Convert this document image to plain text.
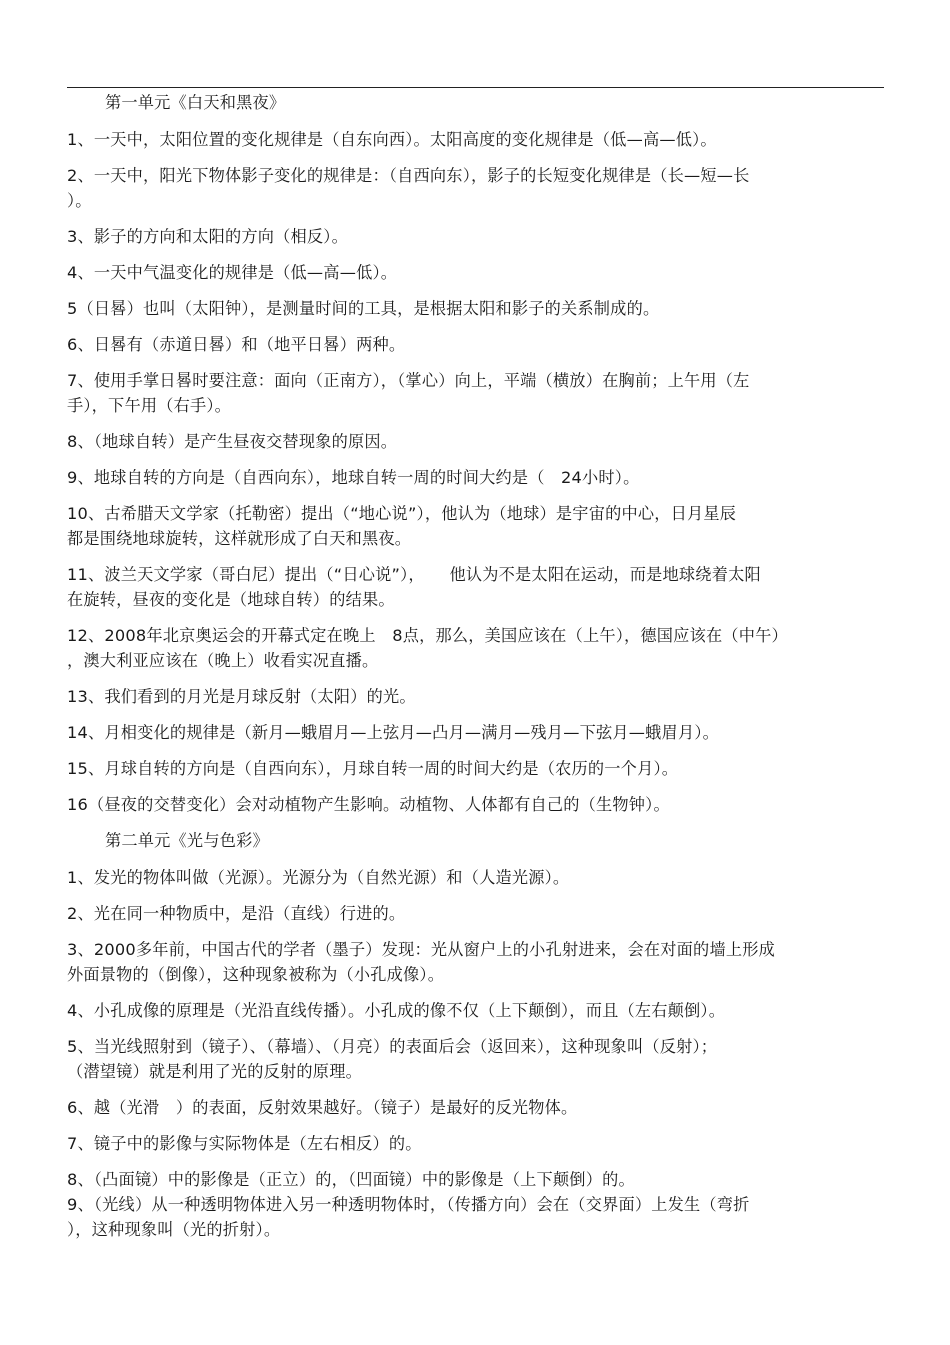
第一单元《白天和黑夜》
1、一天中，太阳位置的变化规律是（自东向西）。太阳高度的变化规律是（低—高—低）。
2、一天中，阳光下物体影子变化的规律是：（自西向东），影子的长短变化规律是（长—短—长
）。
3、影子的方向和太阳的方向（相反）。
4、一天中气温变化的规律是（低—高—低）。
5（日晷）也叫（太阳钟），是测量时间的工具，是根据太阳和影子的关系制成的。
6、日晷有（赤道日晷）和（地平日晷）两种。
7、使用手掌日晷时要注意：面向（正南方），（掌心）向上，平端（横放）在胸前；上午用（左
手），下午用（右手）。
8、（地球自转）是产生昼夜交替现象的原因。
9、地球自转的方向是（自西向东），地球自转一周的时间大约是（　24小时）。
10、古希腊天文学家（托勒密）提出（“地心说”），他认为（地球）是宇宙的中心，日月星辰
都是围绕地球旋转，这样就形成了白天和黑夜。
11、波兰天文学家（哥白尼）提出（“日心说”），　　他认为不是太阳在运动，而是地球绕着太阳
在旋转，昼夜的变化是（地球自转）的结果。
12、2008年北京奥运会的开幕式定在晚上　8点，那么，美国应该在（上午），德国应该在（中午）
，澳大利亚应该在（晚上）收看实况直播。
13、我们看到的月光是月球反射（太阳）的光。
14、月相变化的规律是（新月—蛾眉月—上弦月—凸月—满月—残月—下弦月—蛾眉月）。
15、月球自转的方向是（自西向东），月球自转一周的时间大约是（农历的一个月）。
16（昼夜的交替变化）会对动植物产生影响。动植物、人体都有自己的（生物钟）。
第二单元《光与色彩》
1、发光的物体叫做（光源）。光源分为（自然光源）和（人造光源）。
2、光在同一种物质中，是沿（直线）行进的。
3、2000多年前，中国古代的学者（墨子）发现：光从窗户上的小孔射进来，会在对面的墙上形成
外面景物的（倒像），这种现象被称为（小孔成像）。
4、小孔成像的原理是（光沿直线传播）。小孔成的像不仅（上下颠倒），而且（左右颠倒）。
5、当光线照射到（镜子）、（幕墙）、（月亮）的表面后会（返回来），这种现象叫（反射）；
（潜望镜）就是利用了光的反射的原理。
6、越（光滑　）的表面，反射效果越好。（镜子）是最好的反光物体。
7、镜子中的影像与实际物体是（左右相反）的。
8、（凸面镜）中的影像是（正立）的，（凹面镜）中的影像是（上下颠倒）的。
9、（光线）从一种透明物体进入另一种透明物体时，（传播方向）会在（交界面）上发生（弯折
），这种现象叫（光的折射）。
